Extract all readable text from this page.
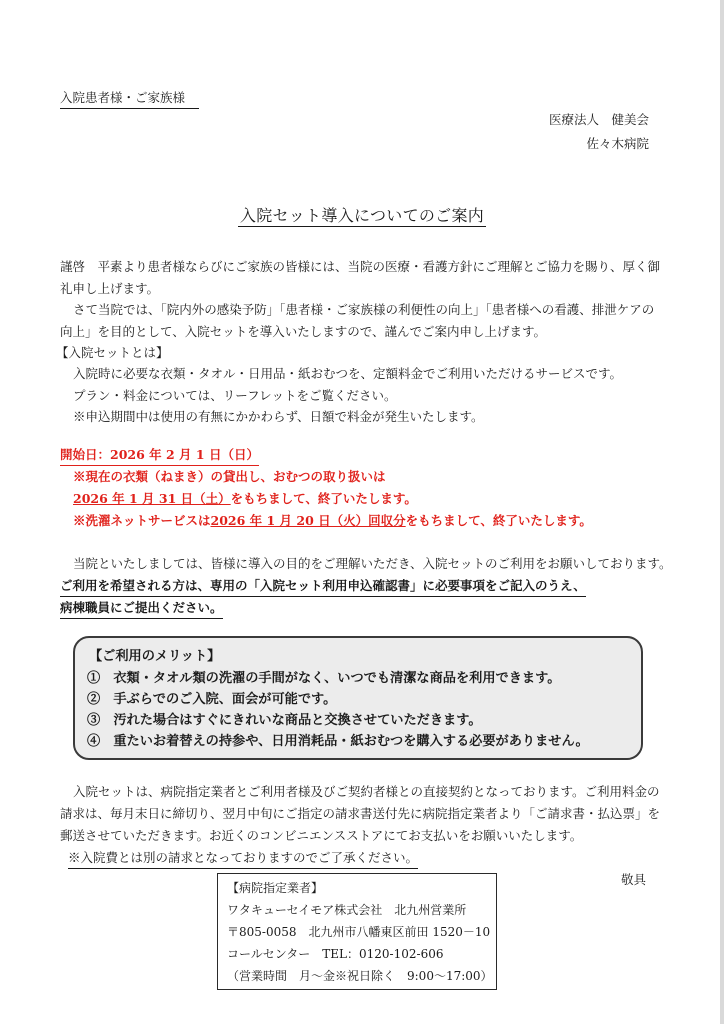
入院患者様・ご家族様
医療法人　健美会
佐々木病院
入院セット導入についてのご案内
謹啓　平素より患者様ならびにご家族の皆様には、当院の医療・看護方針にご理解とご協力を賜り、厚く御
礼申し上げます。
さて当院では、「院内外の感染予防」「患者様・ご家族様の利便性の向上」「患者様への看護、排泄ケアの
向上」を目的として、入院セットを導入いたしますので、謹んでご案内申し上げます。
【入院セットとは】
入院時に必要な衣類・タオル・日用品・紙おむつを、定額料金でご利用いただけるサービスです。
プラン・料金については、リーフレットをご覧ください。
※申込期間中は使用の有無にかかわらず、日額で料金が発生いたします。
開始日：2026 年 2 月 1 日（日）
※現在の衣類（ねまき）の貸出し、おむつの取り扱いは
2026 年 1 月 31 日（土）をもちまして、終了いたします。
※洗濯ネットサービスは2026 年 1 月 20 日（火）回収分をもちまして、終了いたします。
当院といたしましては、皆様に導入の目的をご理解いただき、入院セットのご利用をお願いしております。
ご利用を希望される方は、専用の「入院セット利用申込確認書」に必要事項をご記入のうえ、
病棟職員にご提出ください。
【ご利用のメリット】
①　衣類・タオル類の洗濯の手間がなく、いつでも清潔な商品を利用できます。
②　手ぶらでのご入院、面会が可能です。
③　汚れた場合はすぐにきれいな商品と交換させていただきます。
④　重たいお着替えの持参や、日用消耗品・紙おむつを購入する必要がありません。
入院セットは、病院指定業者とご利用者様及びご契約者様との直接契約となっております。ご利用料金の
請求は、毎月末日に締切り、翌月中旬にご指定の請求書送付先に病院指定業者より「ご請求書・払込票」を
郵送させていただきます。お近くのコンビニエンスストアにてお支払いをお願いいたします。
※入院費とは別の請求となっておりますのでご了承ください。
敬具
【病院指定業者】
ワタキューセイモア株式会社　北九州営業所
〒805-0058　北九州市八幡東区前田 1520－10
コールセンター　TEL：0120-102-606
（営業時間　月～金※祝日除く　9:00～17:00）
